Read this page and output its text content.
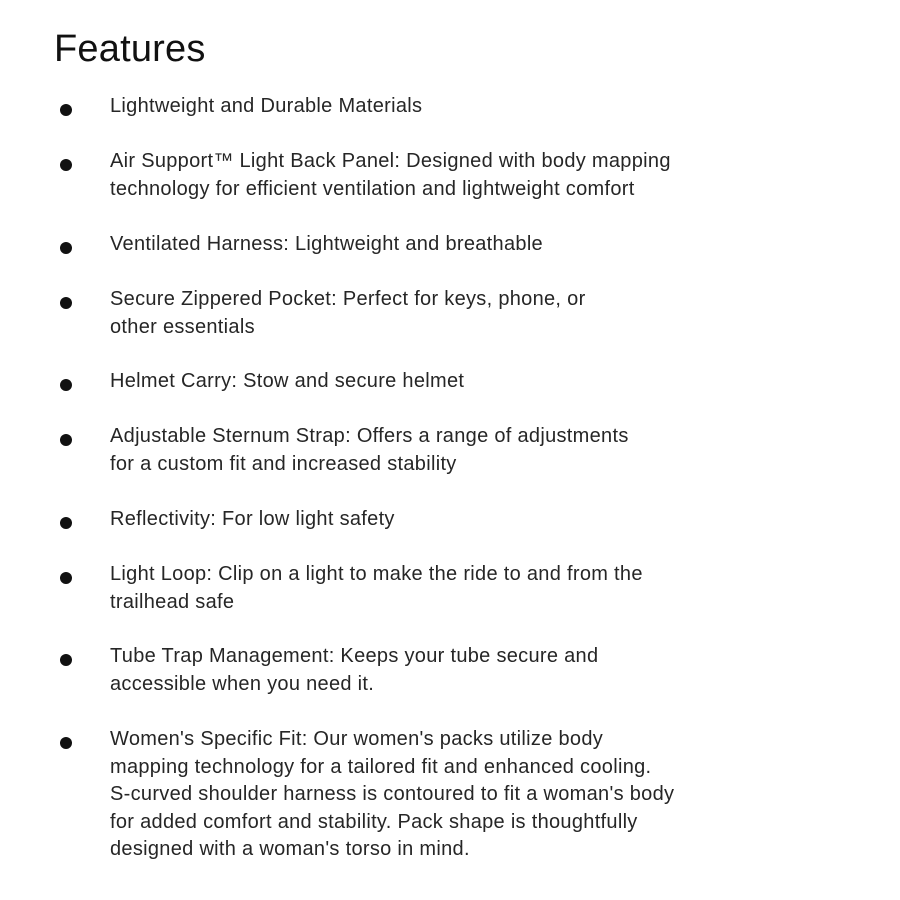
Features
Lightweight and Durable Materials
Air Support™ Light Back Panel: Designed with body mapping
technology for efficient ventilation and lightweight comfort
Ventilated Harness: Lightweight and breathable
Secure Zippered Pocket: Perfect for keys, phone, or
other essentials
Helmet Carry: Stow and secure helmet
Adjustable Sternum Strap: Offers a range of adjustments
for a custom fit and increased stability
Reflectivity: For low light safety
Light Loop: Clip on a light to make the ride to and from the
trailhead safe
Tube Trap Management: Keeps your tube secure and
accessible when you need it.
Women's Specific Fit: Our women's packs utilize body
mapping technology for a tailored fit and enhanced cooling.
S-curved shoulder harness is contoured to fit a woman's body
for added comfort and stability. Pack shape is thoughtfully
designed with a woman's torso in mind.
